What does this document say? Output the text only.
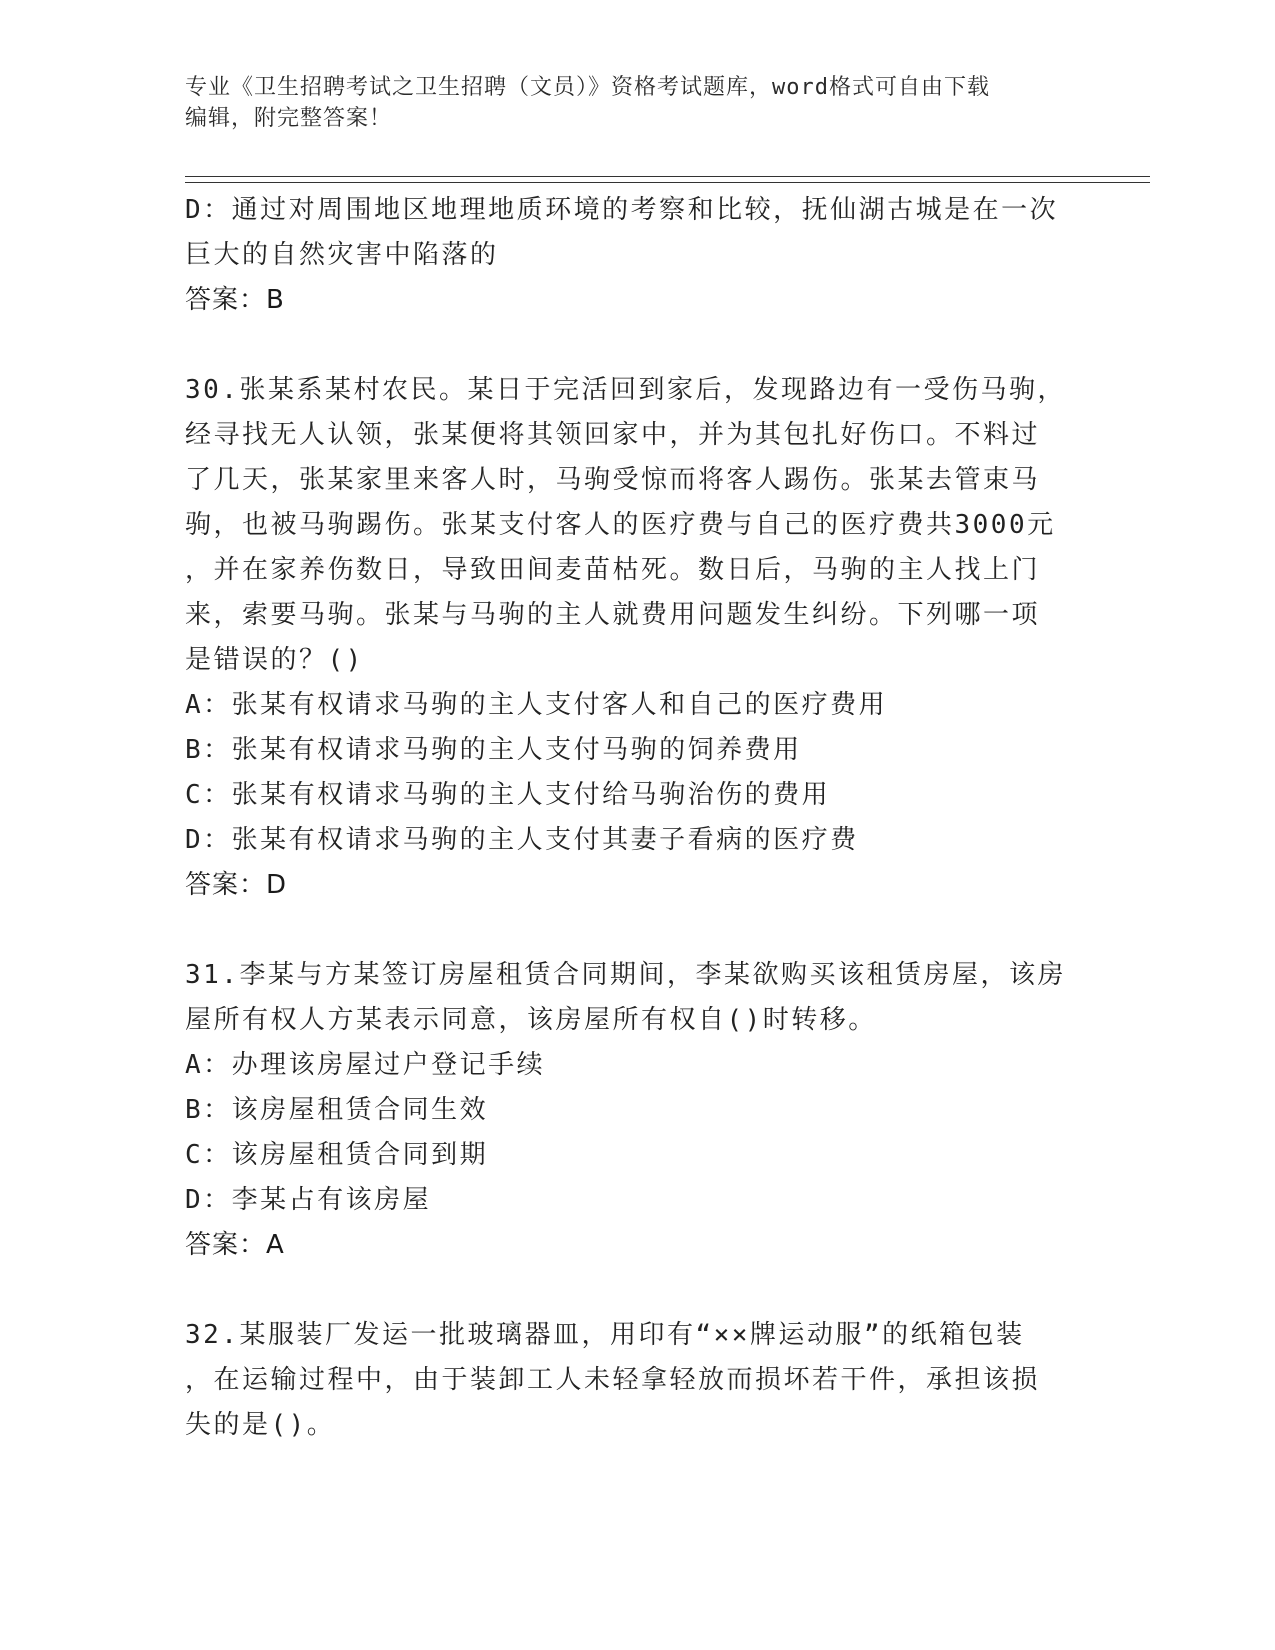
专业《卫生招聘考试之卫生招聘（文员）》资格考试题库，word格式可自由下载
编辑，附完整答案！
D：通过对周围地区地理地质环境的考察和比较，抚仙湖古城是在一次
巨大的自然灾害中陷落的
答案：B
30.张某系某村农民。某日于完活回到家后，发现路边有一受伤马驹，
经寻找无人认领，张某便将其领回家中，并为其包扎好伤口。不料过
了几天，张某家里来客人时，马驹受惊而将客人踢伤。张某去管束马
驹，也被马驹踢伤。张某支付客人的医疗费与自己的医疗费共3000元
，并在家养伤数日，导致田间麦苗枯死。数日后，马驹的主人找上门
来，索要马驹。张某与马驹的主人就费用问题发生纠纷。下列哪一项
是错误的？()
A：张某有权请求马驹的主人支付客人和自己的医疗费用
B：张某有权请求马驹的主人支付马驹的饲养费用
C：张某有权请求马驹的主人支付给马驹治伤的费用
D：张某有权请求马驹的主人支付其妻子看病的医疗费
答案：D
31.李某与方某签订房屋租赁合同期间，李某欲购买该租赁房屋，该房
屋所有权人方某表示同意，该房屋所有权自()时转移。
A：办理该房屋过户登记手续
B：该房屋租赁合同生效
C：该房屋租赁合同到期
D：李某占有该房屋
答案：A
32.某服装厂发运一批玻璃器皿，用印有“××牌运动服”的纸箱包装
，在运输过程中，由于装卸工人未轻拿轻放而损坏若干件，承担该损
失的是()。
